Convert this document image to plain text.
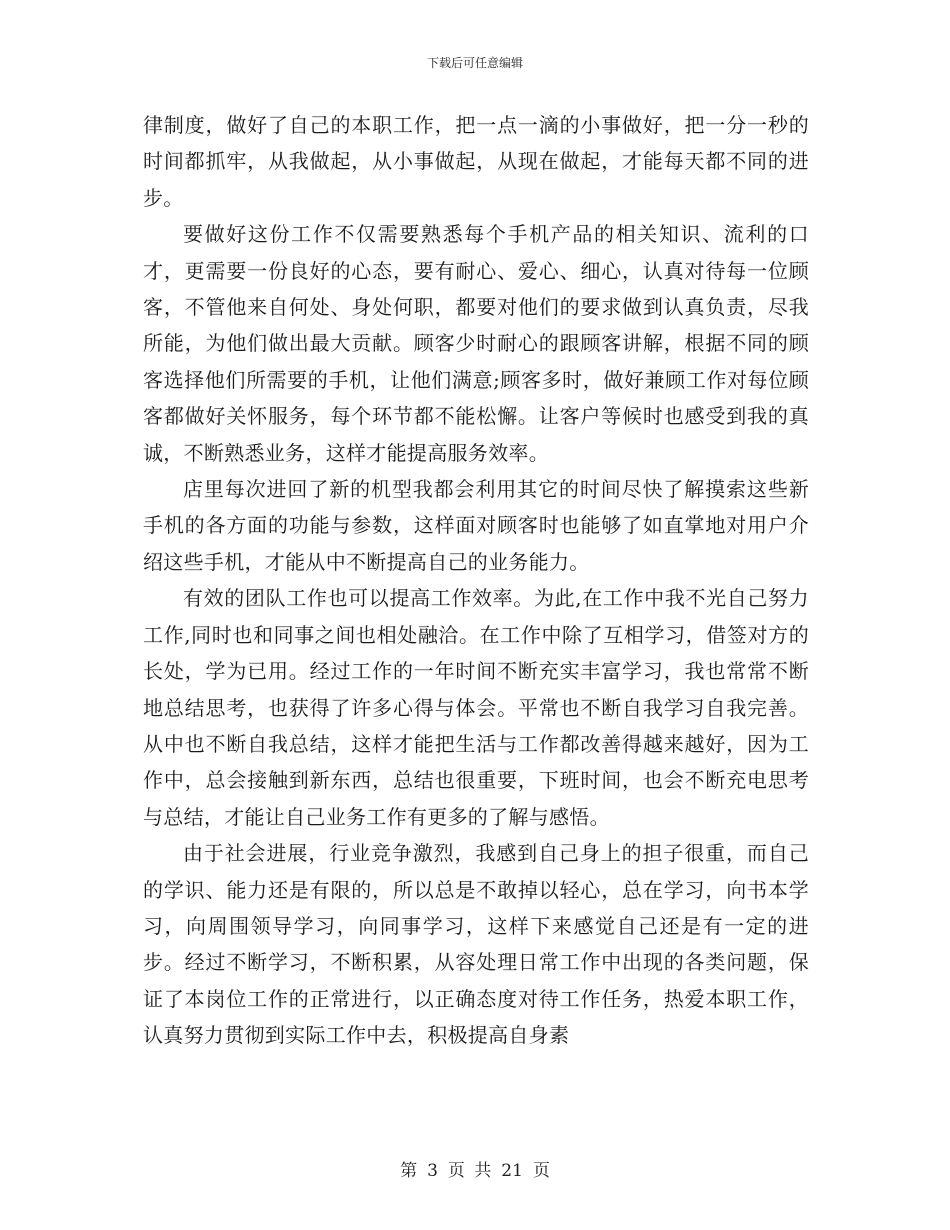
下载后可任意编辑

律制度，做好了自己的本职工作，把一点一滴的小事做好，把一分一秒的时间都抓牢，从我做起，从小事做起，从现在做起，才能每天都不同的进步。

要做好这份工作不仅需要熟悉每个手机产品的相关知识、流利的口才，更需要一份良好的心态，要有耐心、爱心、细心，认真对待每一位顾客，不管他来自何处、身处何职，都要对他们的要求做到认真负责，尽我所能，为他们做出最大贡献。顾客少时耐心的跟顾客讲解，根据不同的顾客选择他们所需要的手机，让他们满意;顾客多时，做好兼顾工作对每位顾客都做好关怀服务，每个环节都不能松懈。让客户等候时也感受到我的真诚，不断熟悉业务，这样才能提高服务效率。

店里每次进回了新的机型我都会利用其它的时间尽快了解摸索这些新手机的各方面的功能与参数，这样面对顾客时也能够了如直掌地对用户介绍这些手机，才能从中不断提高自己的业务能力。

有效的团队工作也可以提高工作效率。为此,在工作中我不光自己努力工作,同时也和同事之间也相处融洽。在工作中除了互相学习，借签对方的长处，学为已用。经过工作的一年时间不断充实丰富学习，我也常常不断地总结思考，也获得了许多心得与体会。平常也不断自我学习自我完善。从中也不断自我总结，这样才能把生活与工作都改善得越来越好，因为工作中，总会接触到新东西，总结也很重要，下班时间，也会不断充电思考与总结，才能让自己业务工作有更多的了解与感悟。

由于社会进展，行业竞争激烈，我感到自己身上的担子很重，而自己的学识、能力还是有限的，所以总是不敢掉以轻心，总在学习，向书本学习，向周围领导学习，向同事学习，这样下来感觉自己还是有一定的进步。经过不断学习，不断积累，从容处理日常工作中出现的各类问题，保证了本岗位工作的正常进行，以正确态度对待工作任务，热爱本职工作，认真努力贯彻到实际工作中去，积极提高自身素

第 3 页 共 21 页
